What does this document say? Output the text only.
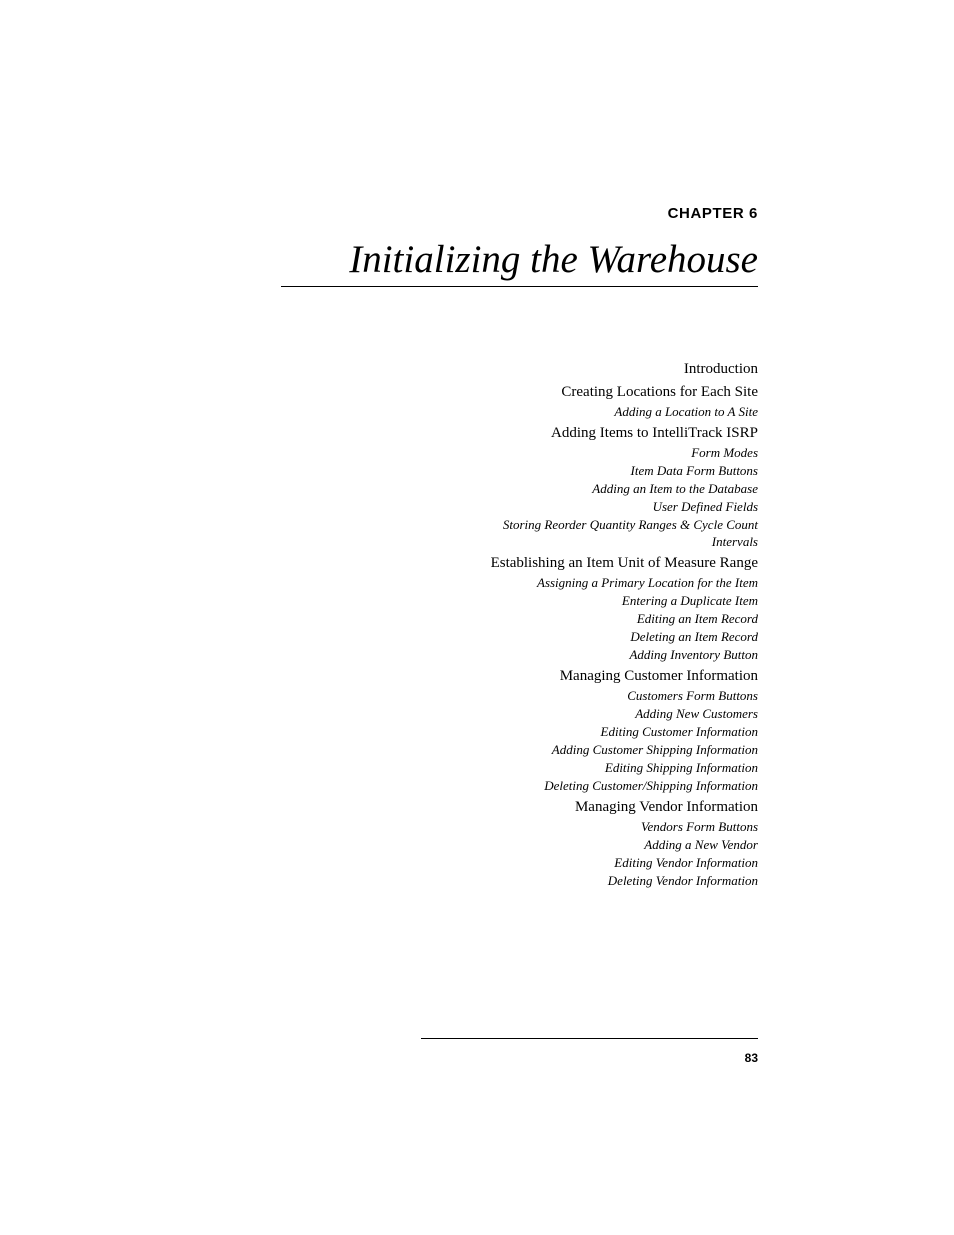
CHAPTER 6
Initializing the Warehouse
Introduction
Creating Locations for Each Site
Adding a Location to A Site
Adding Items to IntelliTrack ISRP
Form Modes
Item Data Form Buttons
Adding an Item to the Database
User Defined Fields
Storing Reorder Quantity Ranges & Cycle Count Intervals
Establishing an Item Unit of Measure Range
Assigning a Primary Location for the Item
Entering a Duplicate Item
Editing an Item Record
Deleting an Item Record
Adding Inventory Button
Managing Customer Information
Customers Form Buttons
Adding New Customers
Editing Customer Information
Adding Customer Shipping Information
Editing Shipping Information
Deleting Customer/Shipping Information
Managing Vendor Information
Vendors Form Buttons
Adding a New Vendor
Editing Vendor Information
Deleting Vendor Information
83
